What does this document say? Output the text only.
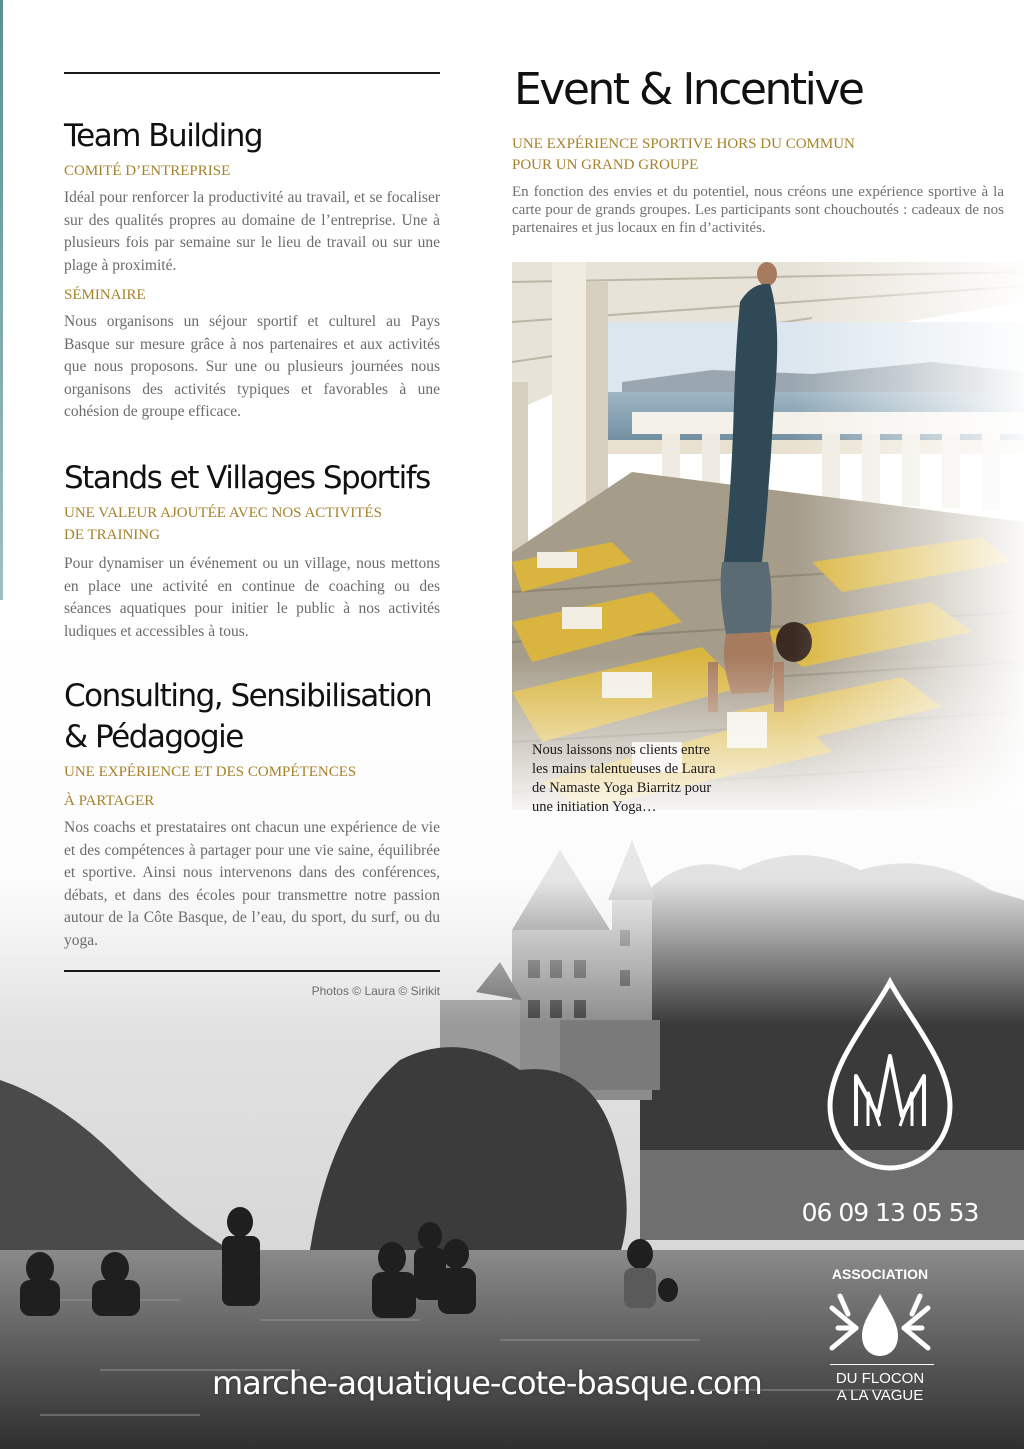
Team Building

COMITÉ D’ENTREPRISE

Idéal pour renforcer la productivité au travail, et se focaliser sur des qualités propres au domaine de l’entreprise. Une à plusieurs fois par semaine sur le lieu de travail ou sur une plage à proximité.

SÉMINAIRE

Nous organisons un séjour sportif et culturel au Pays Basque sur mesure grâce à nos partenaires et aux activités que nous proposons. Sur une ou plusieurs journées nous organisons des activités typiques et favorables à une cohésion de groupe efficace.

Stands et Villages Sportifs

UNE VALEUR AJOUTÉE AVEC NOS ACTIVITÉS

DE TRAINING

Pour dynamiser un événement ou un village, nous mettons en place une activité en continue de coaching ou des séances aquatiques pour initier le public à nos activités ludiques et accessibles à tous.

Consulting, Sensibilisation
& Pédagogie

UNE EXPÉRIENCE ET DES COMPÉTENCES

À PARTAGER

Nos coachs et prestataires ont chacun une expérience de vie et des compétences à partager pour une vie saine, équilibrée et sportive. Ainsi nous intervenons dans des conférences, débats, et dans des écoles pour transmettre notre passion autour de la Côte Basque, de l’eau, du sport, du surf, ou du yoga.

Photos © Laura © Sirikit

Event & Incentive

UNE EXPÉRIENCE SPORTIVE HORS DU COMMUN

POUR UN GRAND GROUPE

En fonction des envies et du potentiel, nous créons une expérience sportive à la carte pour de grands groupes. Les participants sont chouchoutés : cadeaux de nos partenaires et jus locaux en fin d’activités.

Nous laissons nos clients entre les mains talentueuses de Laura de Namaste Yoga Biarritz pour une initiation Yoga…

06 09 13 05 53

ASSOCIATION

DU FLOCON
A LA VAGUE

marche-aquatique-cote-basque.com
